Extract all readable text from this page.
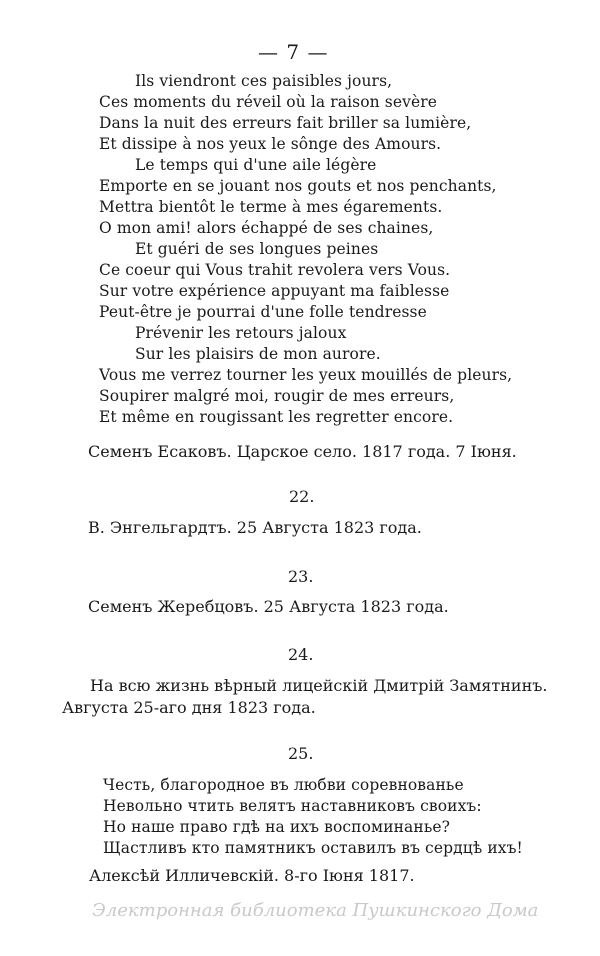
— 7 —
Ils viendront ces paisibles jours,
Ces moments du réveil où la raison sevère
Dans la nuit des erreurs fait briller sa lumière,
Et dissipe à nos yeux le sônge des Amours.
Le temps qui d'une aile légère
Emporte en se jouant nos gouts et nos penchants,
Mettra bientôt le terme à mes égarements.
O mon ami! alors échappé de ses chaines,
Et guéri de ses longues peines
Ce coeur qui Vous trahit revolera vers Vous.
Sur votre expérience appuyant ma faiblesse
Peut-être je pourrai d'une folle tendresse
Prévenir les retours jaloux
Sur les plaisirs de mon aurore.
Vous me verrez tourner les yeux mouillés de pleurs,
Soupirer malgré moi, rougir de mes erreurs,
Et même en rougissant les regretter encore.
Семенъ Есаковъ. Царское село. 1817 года. 7 Іюня.
22.
В. Энгельгардтъ. 25 Августа 1823 года.
23.
Семенъ Жеребцовъ. 25 Августа 1823 года.
24.
На всю жизнь вѣрный лицейскій Дмитрій Замятнинъ.
Августа 25-аго дня 1823 года.
25.
Честь, благородное въ любви соревнованье
Невольно чтить велятъ наставниковъ своихъ:
Но наше право гдѣ на ихъ воспоминанье?
Щастливъ кто памятникъ оставилъ въ сердцѣ ихъ!
Алексѣй Илличевскій. 8-го Іюня 1817.
Электронная библиотека Пушкинского Дома
